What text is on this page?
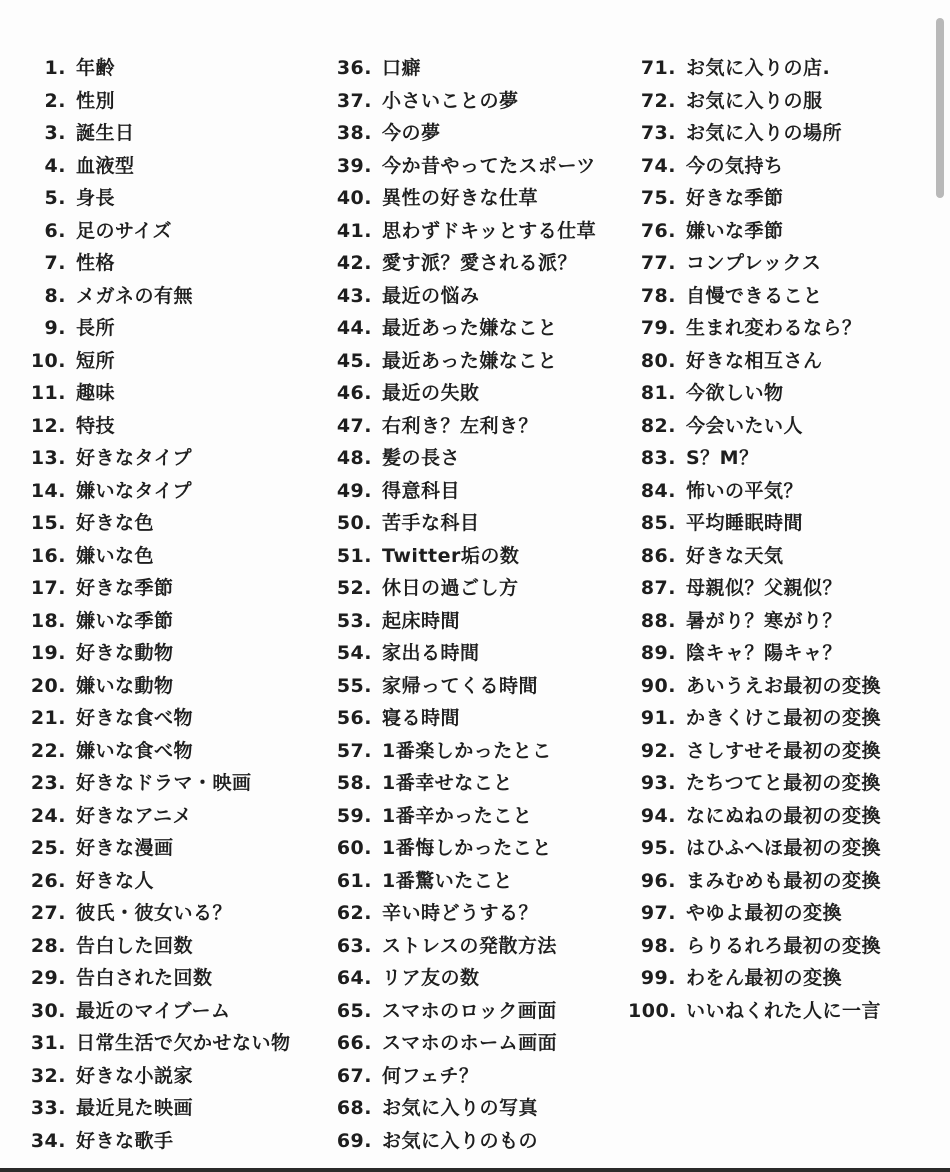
1. 年齢
2. 性別
3. 誕生日
4. 血液型
5. 身長
6. 足のサイズ
7. 性格
8. メガネの有無
9. 長所
10. 短所
11. 趣味
12. 特技
13. 好きなタイプ
14. 嫌いなタイプ
15. 好きな色
16. 嫌いな色
17. 好きな季節
18. 嫌いな季節
19. 好きな動物
20. 嫌いな動物
21. 好きな食べ物
22. 嫌いな食べ物
23. 好きなドラマ・映画
24. 好きなアニメ
25. 好きな漫画
26. 好きな人
27. 彼氏・彼女いる？
28. 告白した回数
29. 告白された回数
30. 最近のマイブーム
31. 日常生活で欠かせない物
32. 好きな小説家
33. 最近見た映画
34. 好きな歌手
36. 口癖
37. 小さいことの夢
38. 今の夢
39. 今か昔やってたスポーツ
40. 異性の好きな仕草
41. 思わずドキッとする仕草
42. 愛す派？愛される派？
43. 最近の悩み
44. 最近あった嫌なこと
45. 最近あった嫌なこと
46. 最近の失敗
47. 右利き？左利き？
48. 髪の長さ
49. 得意科目
50. 苦手な科目
51. Twitter垢の数
52. 休日の過ごし方
53. 起床時間
54. 家出る時間
55. 家帰ってくる時間
56. 寝る時間
57. 1番楽しかったとこ
58. 1番幸せなこと
59. 1番辛かったこと
60. 1番悔しかったこと
61. 1番驚いたこと
62. 辛い時どうする？
63. ストレスの発散方法
64. リア友の数
65. スマホのロック画面
66. スマホのホーム画面
67. 何フェチ？
68. お気に入りの写真
69. お気に入りのもの
71. お気に入りの店.
72. お気に入りの服
73. お気に入りの場所
74. 今の気持ち
75. 好きな季節
76. 嫌いな季節
77. コンプレックス
78. 自慢できること
79. 生まれ変わるなら？
80. 好きな相互さん
81. 今欲しい物
82. 今会いたい人
83. S？M？
84. 怖いの平気？
85. 平均睡眠時間
86. 好きな天気
87. 母親似？父親似？
88. 暑がり？寒がり？
89. 陰キャ？陽キャ？
90. あいうえお最初の変換
91. かきくけこ最初の変換
92. さしすせそ最初の変換
93. たちつてと最初の変換
94. なにぬねの最初の変換
95. はひふへほ最初の変換
96. まみむめも最初の変換
97. やゆよ最初の変換
98. らりるれろ最初の変換
99. わをん最初の変換
100. いいねくれた人に一言
